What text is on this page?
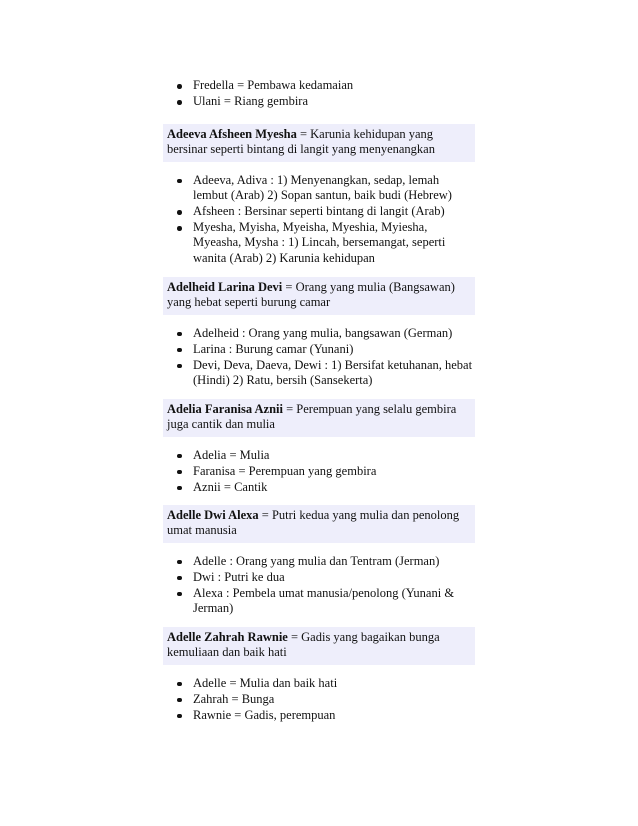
Fredella = Pembawa kedamaian
Ulani = Riang gembira

Adeeva Afsheen Myesha = Karunia kehidupan yang bersinar seperti bintang di langit yang menyenangkan

Adeeva, Adiva : 1) Menyenangkan, sedap, lemah lembut (Arab) 2) Sopan santun, baik budi (Hebrew)
Afsheen : Bersinar seperti bintang di langit (Arab)
Myesha, Myisha, Myeisha, Myeshia, Myiesha, Myeasha, Mysha : 1) Lincah, bersemangat, seperti wanita (Arab) 2) Karunia kehidupan

Adelheid Larina Devi = Orang yang mulia (Bangsawan) yang hebat seperti burung camar

Adelheid : Orang yang mulia, bangsawan (German)
Larina : Burung camar (Yunani)
Devi, Deva, Daeva, Dewi : 1) Bersifat ketuhanan, hebat (Hindi) 2) Ratu, bersih (Sansekerta)

Adelia Faranisa Aznii = Perempuan yang selalu gembira juga cantik dan mulia

Adelia = Mulia
Faranisa = Perempuan yang gembira
Aznii = Cantik

Adelle Dwi Alexa = Putri kedua yang mulia dan penolong umat manusia

Adelle : Orang yang mulia dan Tentram (Jerman)
Dwi : Putri ke dua
Alexa : Pembela umat manusia/penolong (Yunani & Jerman)

Adelle Zahrah Rawnie = Gadis yang bagaikan bunga kemuliaan dan baik hati

Adelle = Mulia dan baik hati
Zahrah = Bunga
Rawnie = Gadis, perempuan
